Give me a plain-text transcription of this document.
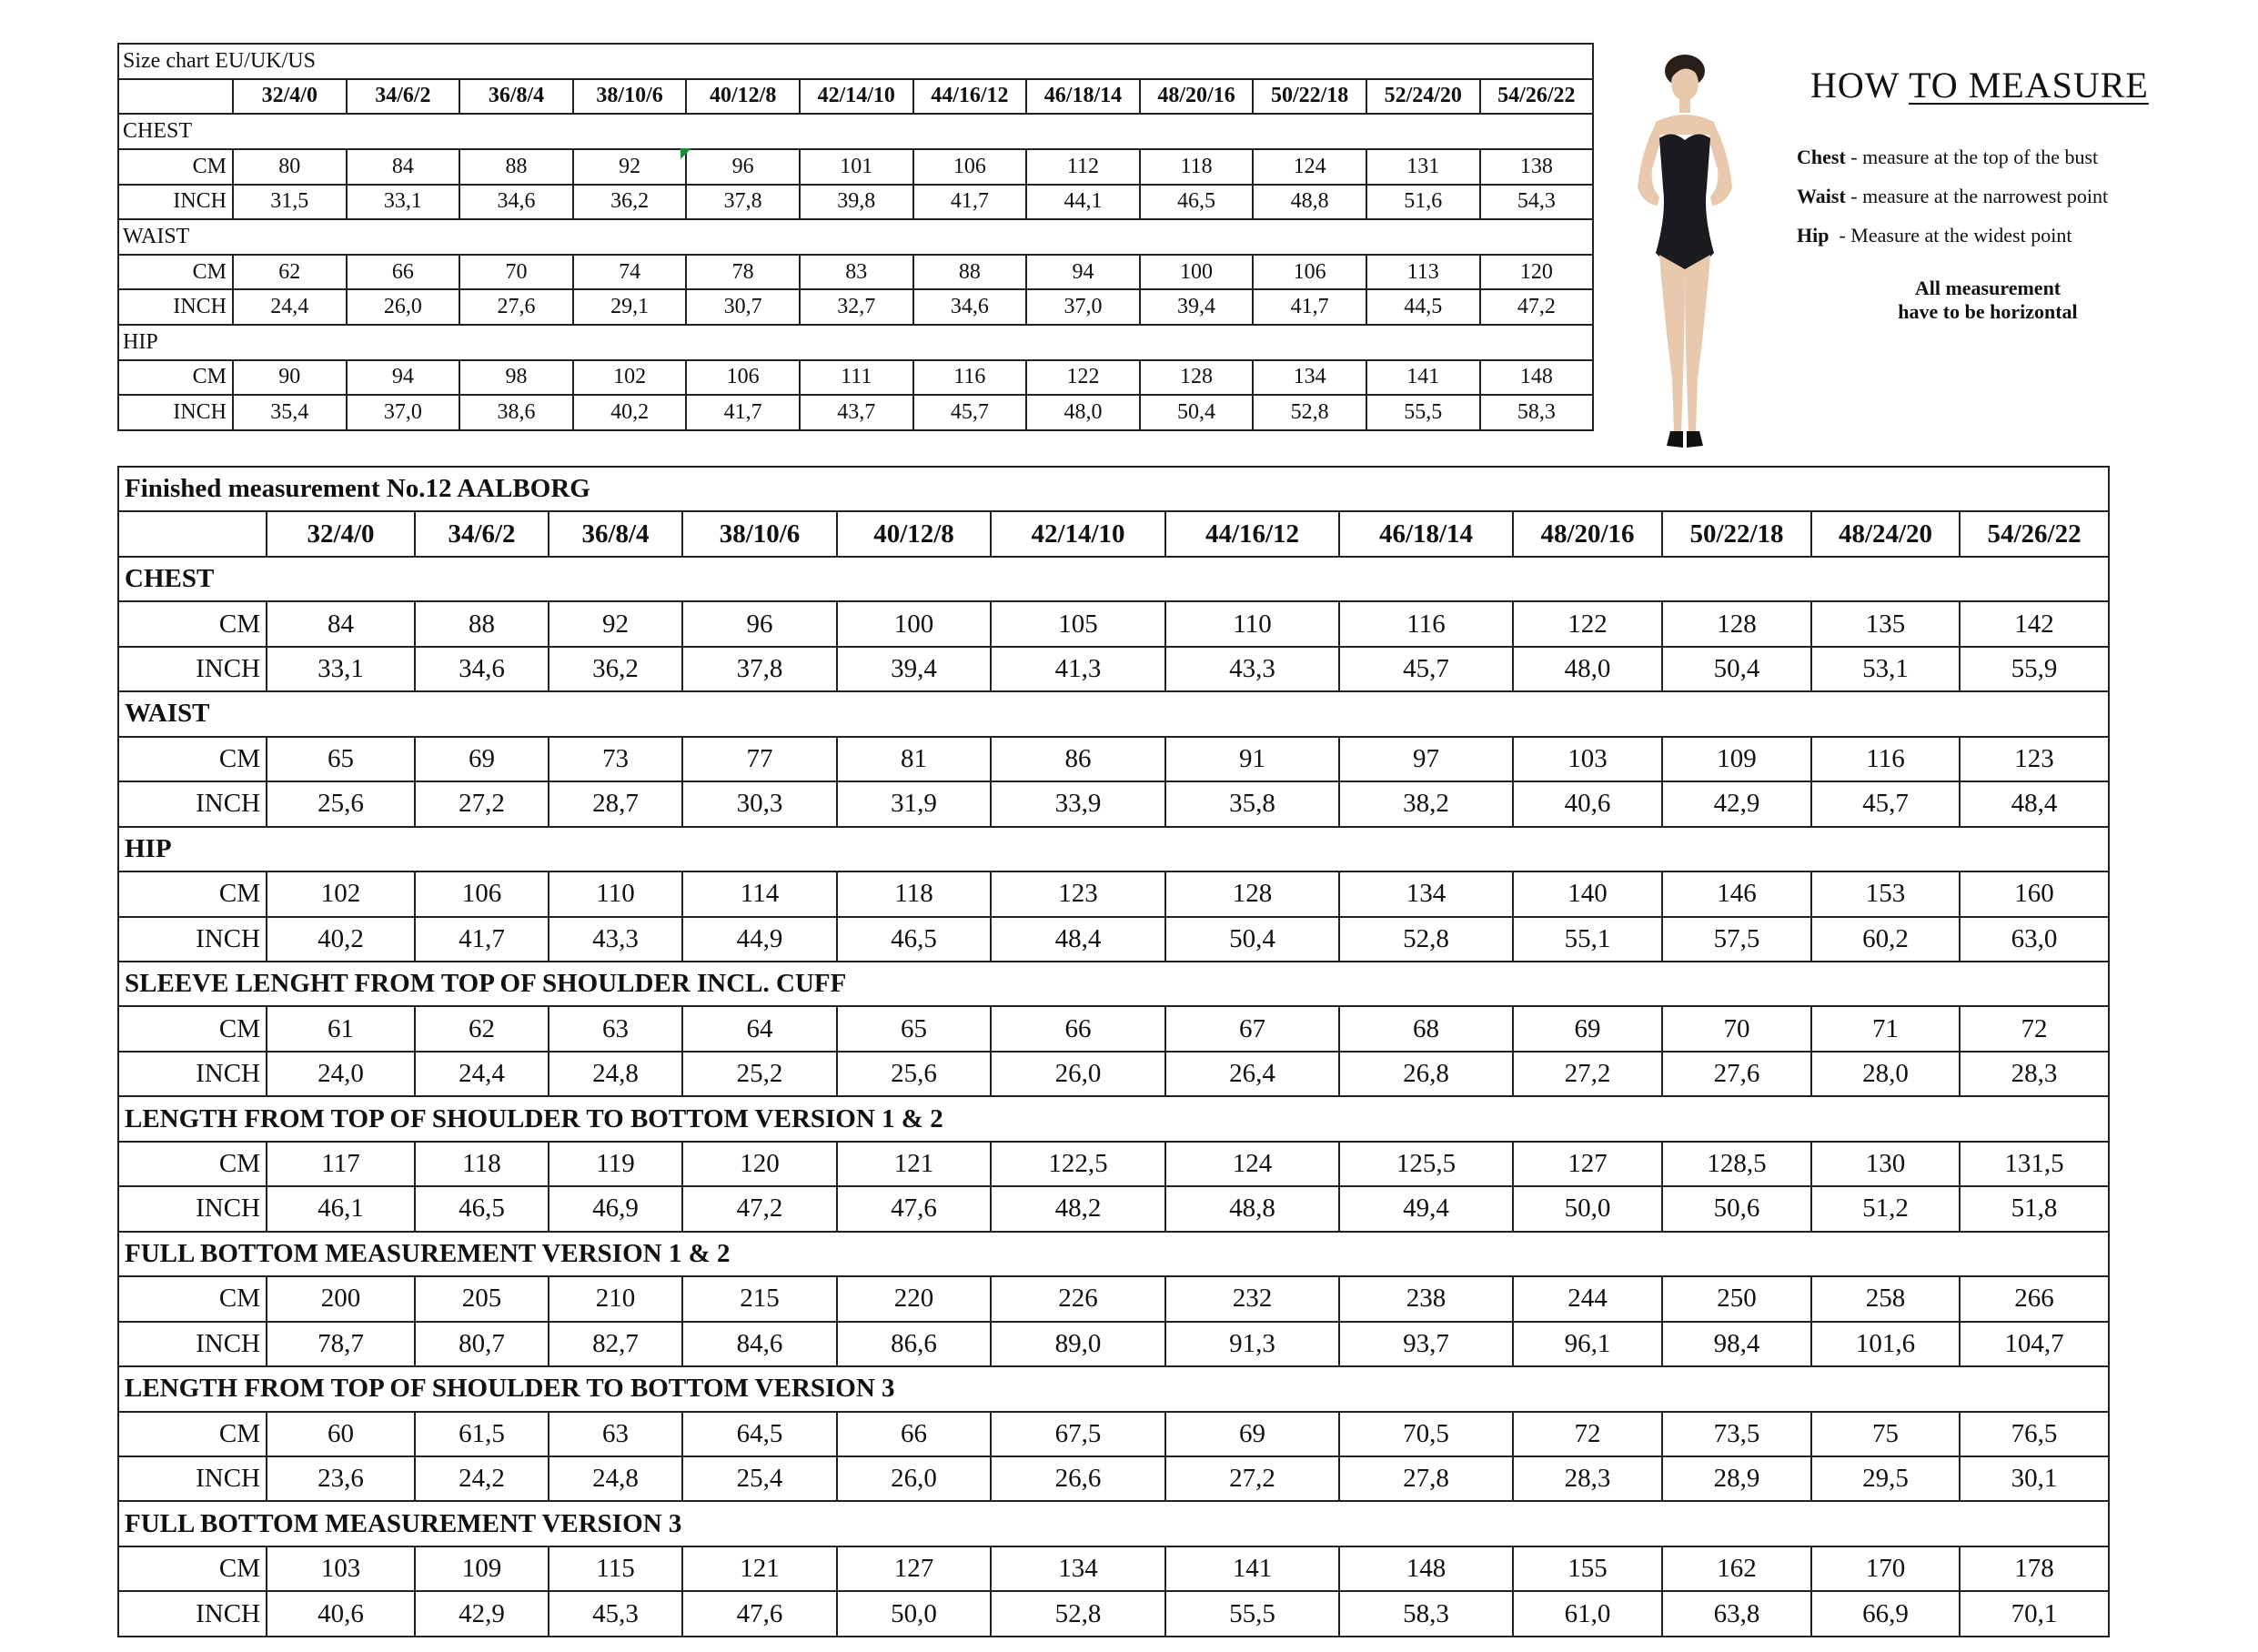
Size chart EU/UK/US												
	32/4/0	34/6/2	36/8/4	38/10/6	40/12/8	42/14/10	44/16/12	46/18/14	48/20/16	50/22/18	52/24/20	54/26/22
CHEST												
CM	80	84	88	92	96	101	106	112	118	124	131	138
INCH	31,5	33,1	34,6	36,2	37,8	39,8	41,7	44,1	46,5	48,8	51,6	54,3
WAIST												
CM	62	66	70	74	78	83	88	94	100	106	113	120
INCH	24,4	26,0	27,6	29,1	30,7	32,7	34,6	37,0	39,4	41,7	44,5	47,2
HIP												
CM	90	94	98	102	106	111	116	122	128	134	141	148
INCH	35,4	37,0	38,6	40,2	41,7	43,7	45,7	48,0	50,4	52,8	55,5	58,3
HOW TO MEASURE
Chest - measure at the top of the bust
Waist - measure at the narrowest point
Hip  - Measure at the widest point
All measurement
have to be horizontal
Finished measurement No.12 AALBORG												
	32/4/0	34/6/2	36/8/4	38/10/6	40/12/8	42/14/10	44/16/12	46/18/14	48/20/16	50/22/18	48/24/20	54/26/22
CHEST												
CM	84	88	92	96	100	105	110	116	122	128	135	142
INCH	33,1	34,6	36,2	37,8	39,4	41,3	43,3	45,7	48,0	50,4	53,1	55,9
WAIST												
CM	65	69	73	77	81	86	91	97	103	109	116	123
INCH	25,6	27,2	28,7	30,3	31,9	33,9	35,8	38,2	40,6	42,9	45,7	48,4
HIP												
CM	102	106	110	114	118	123	128	134	140	146	153	160
INCH	40,2	41,7	43,3	44,9	46,5	48,4	50,4	52,8	55,1	57,5	60,2	63,0
SLEEVE LENGHT FROM TOP OF SHOULDER INCL. CUFF												
CM	61	62	63	64	65	66	67	68	69	70	71	72
INCH	24,0	24,4	24,8	25,2	25,6	26,0	26,4	26,8	27,2	27,6	28,0	28,3
LENGTH FROM TOP OF SHOULDER TO BOTTOM VERSION 1 & 2												
CM	117	118	119	120	121	122,5	124	125,5	127	128,5	130	131,5
INCH	46,1	46,5	46,9	47,2	47,6	48,2	48,8	49,4	50,0	50,6	51,2	51,8
FULL BOTTOM MEASUREMENT VERSION 1 & 2												
CM	200	205	210	215	220	226	232	238	244	250	258	266
INCH	78,7	80,7	82,7	84,6	86,6	89,0	91,3	93,7	96,1	98,4	101,6	104,7
LENGTH FROM TOP OF SHOULDER TO BOTTOM VERSION 3												
CM	60	61,5	63	64,5	66	67,5	69	70,5	72	73,5	75	76,5
INCH	23,6	24,2	24,8	25,4	26,0	26,6	27,2	27,8	28,3	28,9	29,5	30,1
FULL BOTTOM MEASUREMENT VERSION 3												
CM	103	109	115	121	127	134	141	148	155	162	170	178
INCH	40,6	42,9	45,3	47,6	50,0	52,8	55,5	58,3	61,0	63,8	66,9	70,1
